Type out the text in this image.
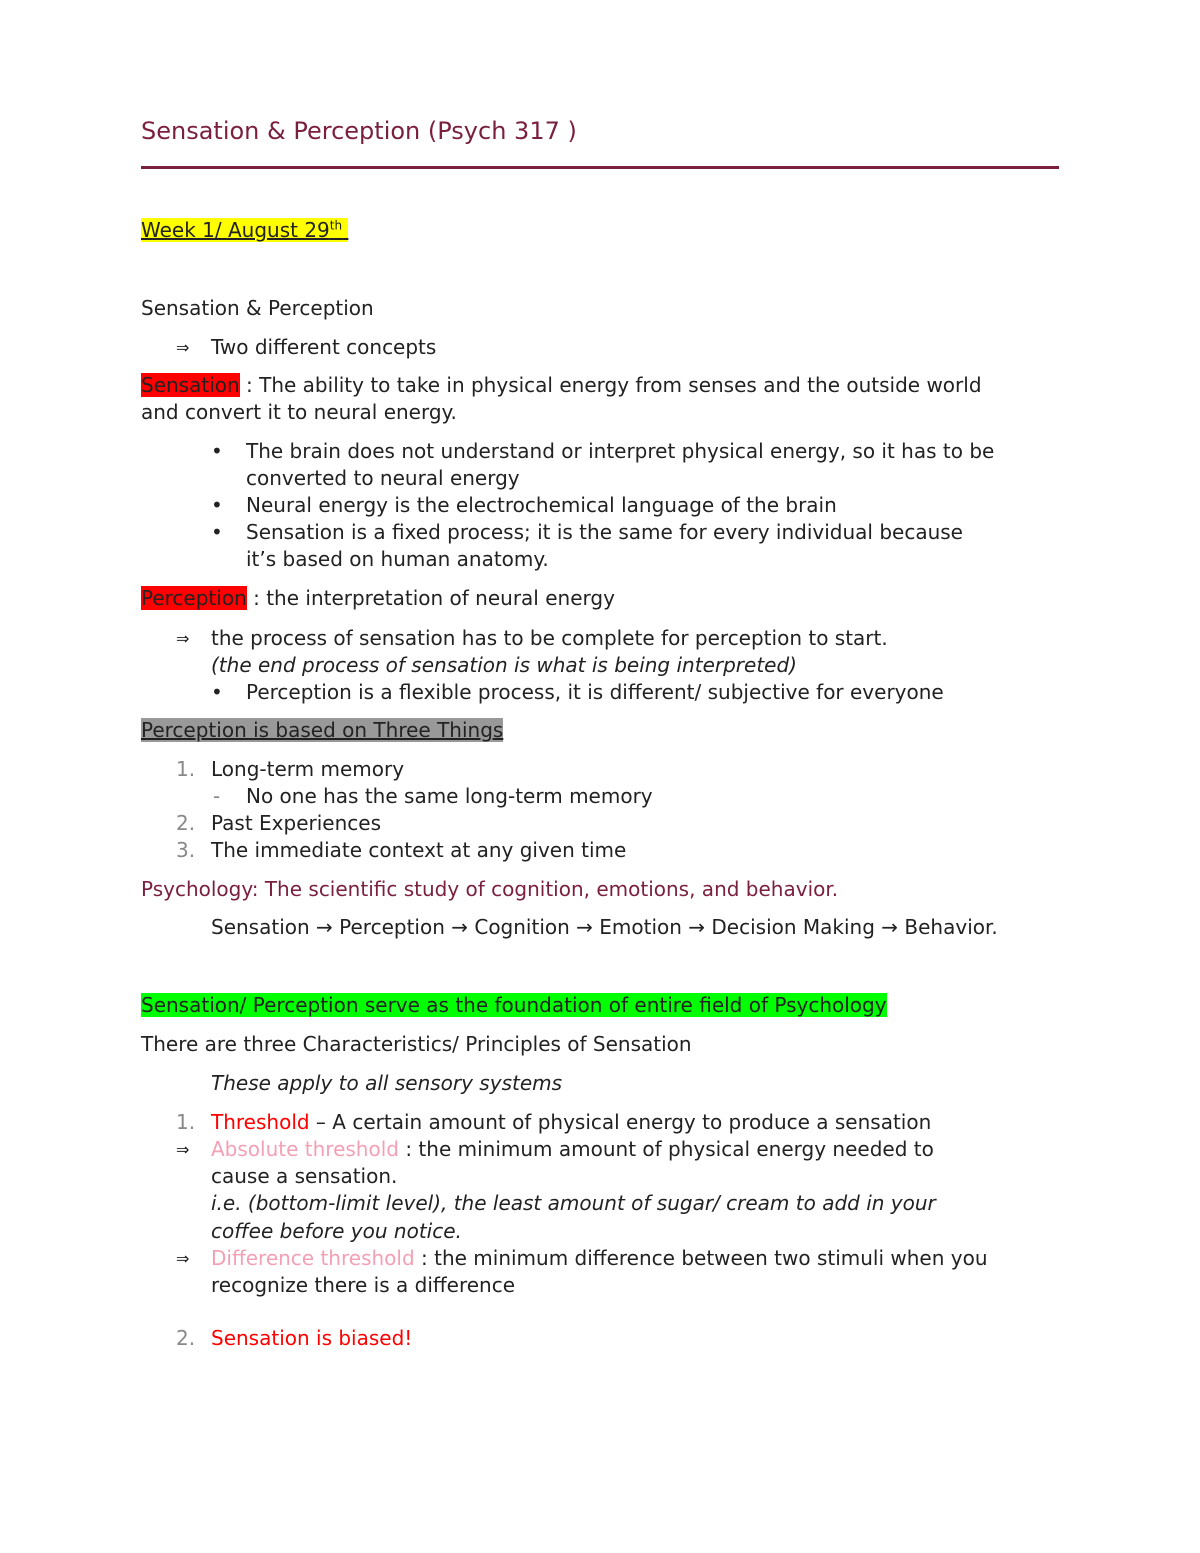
Sensation & Perception (Psych 317 )
Week 1/ August 29th
Sensation & Perception
⇒ Two different concepts
Sensation : The ability to take in physical energy from senses and the outside world
and convert it to neural energy.
• The brain does not understand or interpret physical energy, so it has to be
converted to neural energy
• Neural energy is the electrochemical language of the brain
• Sensation is a fixed process; it is the same for every individual because
it’s based on human anatomy.
Perception : the interpretation of neural energy
⇒ the process of sensation has to be complete for perception to start.
(the end process of sensation is what is being interpreted)
• Perception is a flexible process, it is different/ subjective for everyone
Perception is based on Three Things
1. Long-term memory
- No one has the same long-term memory
2. Past Experiences
3. The immediate context at any given time
Psychology: The scientific study of cognition, emotions, and behavior.
Sensation → Perception → Cognition → Emotion → Decision Making → Behavior.
Sensation/ Perception serve as the foundation of entire field of Psychology
There are three Characteristics/ Principles of Sensation
These apply to all sensory systems
1. Threshold – A certain amount of physical energy to produce a sensation
⇒ Absolute threshold : the minimum amount of physical energy needed to
cause a sensation.
i.e. (bottom-limit level), the least amount of sugar/ cream to add in your
coffee before you notice.
⇒ Difference threshold : the minimum difference between two stimuli when you
recognize there is a difference
2. Sensation is biased!
